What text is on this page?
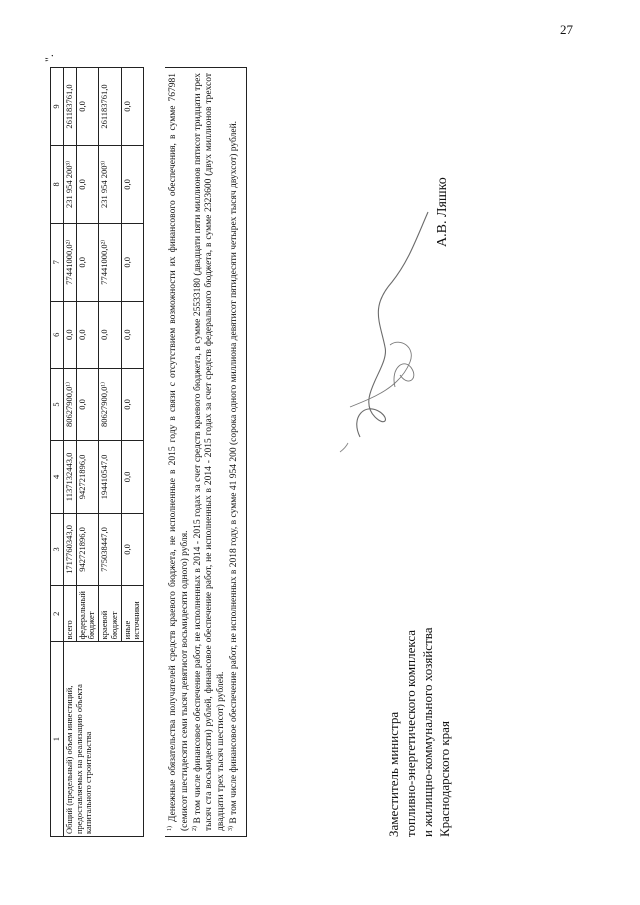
27
1	2	3	4	5	6	7	8	9
Общий (предельный) объем инвестиций, предоставляемых на реализацию объекта капитального строительства	всего	1717760343,0	1137132443,0	80627900,0¹⁾	0,0	77441000,0²⁾	231 954 200³⁾	261183761,0
	федеральный бюджет	942721896,0	942721896,0	0,0	0,0	0,0	0,0	0,0
	краевой бюджет	775038447,0	194410547,0	80627900,0¹⁾	0,0	77441000,0²⁾	231 954 200³⁾	261183761,0
	иные источники	0,0	0,0	0,0	0,0	0,0	0,0	0,0

$^{1)}$ Денежные обязательства получателей средств краевого бюджета, не исполненные в 2015 году в связи с отсутствием возможности их финансового обеспечения, в сумме 767981 (семисот шестидесяти семи тысяч девятисот восьмидесяти одного) рубля. $^{2)}$ В том числе финансовое обеспечение работ, не исполненных в 2014 - 2015 годах за счет средств краевого бюджета, в сумме 25533180 (двадцати пяти миллионов пятисот тридцати трех тысяч ста восьмидесяти) рублей, финансовое обеспечение работ, не исполненных в 2014 - 2015 годах за счет средств федерального бюджета, в сумме 2323600 (двух миллионов трехсот двадцати трех тысяч шестисот) рублей. $^{3)}$ В том числе финансовое обеспечение работ, не исполненных в 2018 году, в сумме 41 954 200 (сорока одного миллиона девятисот пятидесяти четырех тысяч двухсот) рублей.

".
Заместитель министра топливно-энергетического комплекса и жилищно-коммунального хозяйства Краснодарского края
А.В. Ляшко
